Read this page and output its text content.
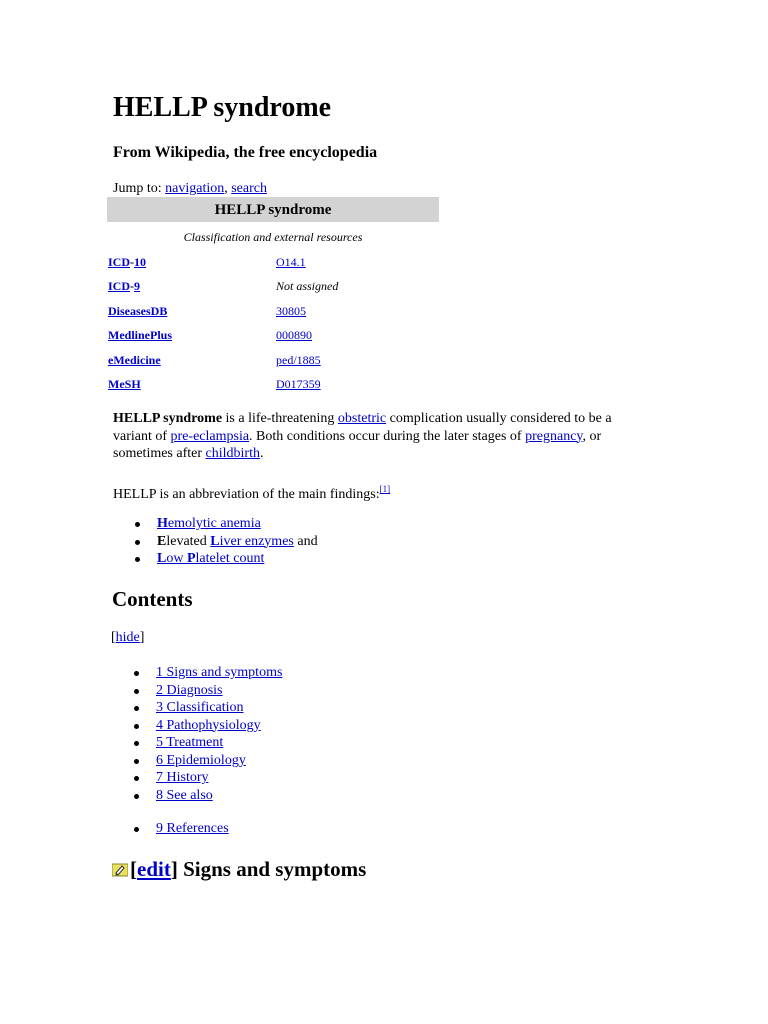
HELLP syndrome
From Wikipedia, the free encyclopedia
Jump to: navigation, search
HELLP syndrome
Classification and external resources
ICD-10	O14.1
ICD-9	Not assigned
DiseasesDB	30805
MedlinePlus	000890
eMedicine	ped/1885
MeSH	D017359
HELLP syndrome is a life-threatening obstetric complication usually considered to be a variant of pre-eclampsia. Both conditions occur during the later stages of pregnancy, or sometimes after childbirth.
HELLP is an abbreviation of the main findings:[1]
Hemolytic anemia
Elevated Liver enzymes and
Low Platelet count
Contents
[hide]
1 Signs and symptoms
2 Diagnosis
3 Classification
4 Pathophysiology
5 Treatment
6 Epidemiology
7 History
8 See also
9 References
[edit] Signs and symptoms
